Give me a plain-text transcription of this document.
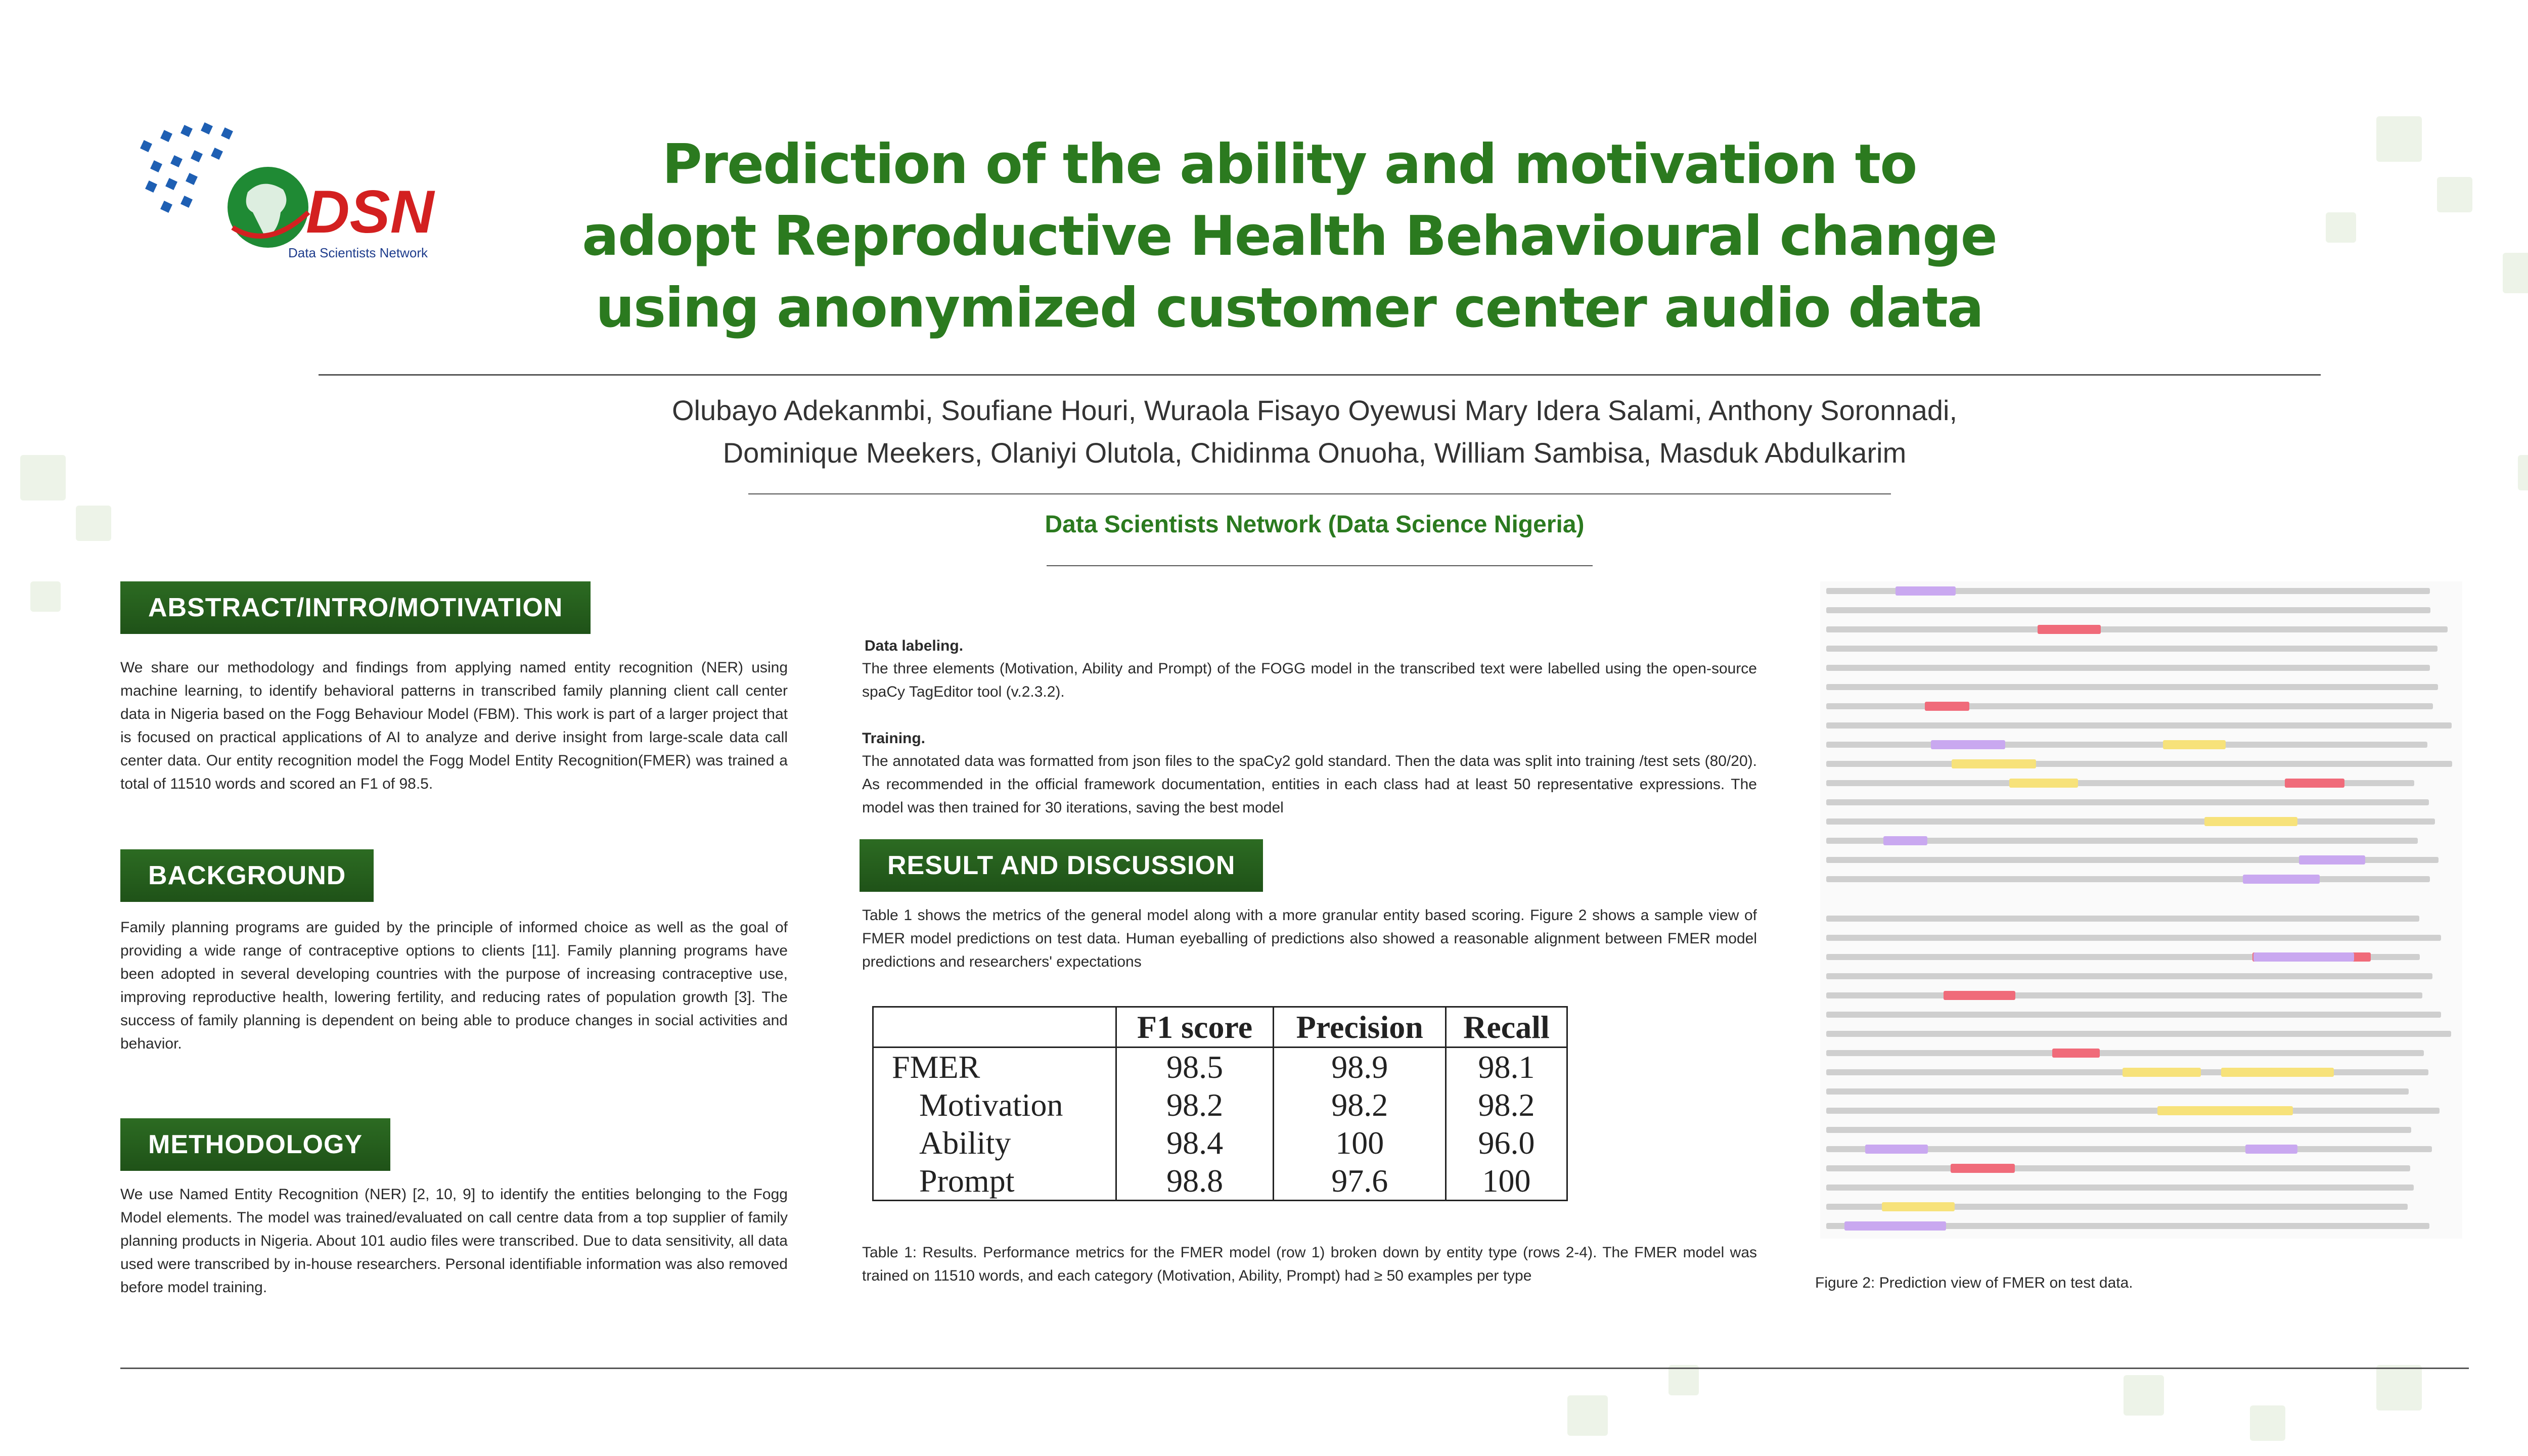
DSN
Data Scientists Network
Prediction of the ability and motivation to adopt Reproductive Health Behavioural change using anonymized customer center audio data
Olubayo Adekanmbi, Soufiane Houri, Wuraola Fisayo Oyewusi Mary Idera Salami, Anthony Soronnadi,
Dominique Meekers, Olaniyi Olutola, Chidinma Onuoha, William Sambisa, Masduk Abdulkarim
Data Scientists Network (Data Science Nigeria)
ABSTRACT/INTRO/MOTIVATION
We share our methodology and findings from applying named entity recognition (NER) using machine learning, to identify behavioral patterns in transcribed family planning client call center data in Nigeria based on the Fogg Behaviour Model (FBM). This work is part of a larger project that is focused on practical applications of AI to analyze and derive insight from large-scale data call center data. Our entity recognition model the Fogg Model Entity Recognition(FMER) was trained a total of 11510 words and scored an F1 of 98.5.
BACKGROUND
Family planning programs are guided by the principle of informed choice as well as the goal of providing a wide range of contraceptive options to clients [11]. Family planning programs have been adopted in several developing countries with the purpose of increasing contraceptive use, improving reproductive health, lowering fertility, and reducing rates of population growth [3]. The success of family planning is dependent on being able to produce changes in social activities and behavior.
METHODOLOGY
We use Named Entity Recognition (NER) [2, 10, 9] to identify the entities belonging to the Fogg Model elements. The model was trained/evaluated on call centre data from a top supplier of family planning products in Nigeria. About 101 audio files were transcribed. Due to data sensitivity, all data used were transcribed by in-house researchers. Personal identifiable information was also removed before model training.
Data labeling.
The three elements (Motivation, Ability and Prompt) of the FOGG model in the transcribed text were labelled using the open-source spaCy TagEditor tool (v.2.3.2).
Training.
The annotated data was formatted from json files to the spaCy2 gold standard. Then the data was split into training /test sets (80/20). As recommended in the official framework documentation, entities in each class had at least 50 representative expressions. The model was then trained for 30 iterations, saving the best model
RESULT AND DISCUSSION
Table 1 shows the metrics of the general model along with a more granular entity based scoring. Figure 2 shows a sample view of FMER model predictions on test data. Human eyeballing of predictions also showed a reasonable alignment between FMER model predictions and researchers' expectations
	F1 score	Precision	Recall
FMER	98.5	98.9	98.1
Motivation	98.2	98.2	98.2
Ability	98.4	100	96.0
Prompt	98.8	97.6	100
Table 1: Results. Performance metrics for the FMER model (row 1) broken down by entity type (rows 2-4). The FMER model was trained on 11510 words, and each category (Motivation, Ability, Prompt) had ≥ 50 examples per type	Figure 2: Prediction view of FMER on test data.
